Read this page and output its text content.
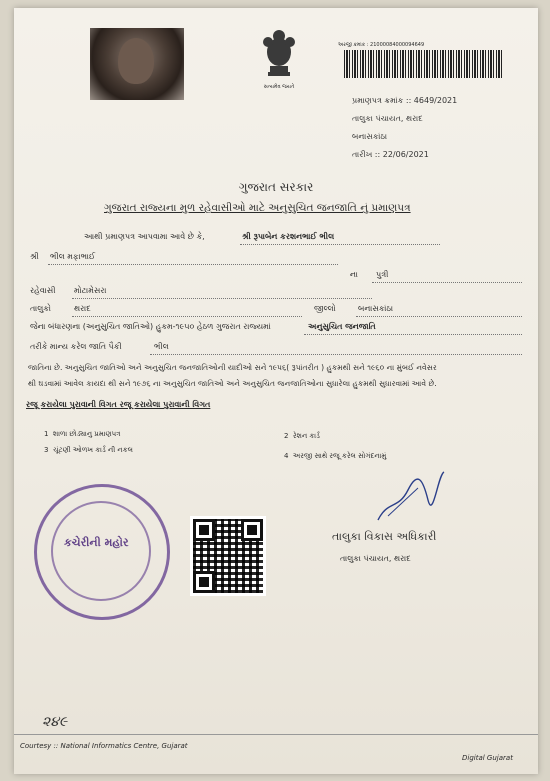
સત્યમેવ જયતે
અરજી ક્રમાંક : 21000084000094649
પ્રમાણપત્ર ક્રમાંક :: 4649/2021
તાલુકા પંચાયત, થરાદ
બનાસકાંઠા
તારીખ :: 22/06/2021
ગુજરાત સરકાર
ગુજરાત રાજ્યના મુળ રહેવાસીઓ માટે અનુસુચિત જનજાતિ નું પ્રમાણપત્ર
આથી પ્રમાણપત્ર આપવામા આવે છે કે,	શ્રી રૂપાબેન કરશનભાઈ ભીલ
શ્રી ભીલ મફાભાઈ
ના પુત્રી
રહેવાસી મોટામેસરા
તાલુકો	થરાદ	જીલ્લો	બનાસકાંઠા
જેના બંધારણના (અનુસુચિત જાતિઓ) હુકમ-૧૯૫૦ હેઠળ ગુજરાત રાજ્યમાં	અનુસુચિત જનજાતિ
તરીકે માન્ય કરેલ જાતિ પૈકી	ભીલ
જાતિના છે. અનુસુચિત જાતિઓ અને અનુસુચિત જનજાતિઓની યાદીઓ સને ૧૯૫૬( રૂપાંતરીત ) હુકમથી સને ૧૯૬૦ ના મુંબઈ નવેસર
થી ઘડવામાં આવેલ કાયદા થી સને ૧૯૭૬ ના અનુસુચિત જાતિઓ અને અનુસુચિત જનજાતિઓના સુધારેલા હુકમથી સુધારવામાં આવે છે.
રજૂ કરાયેલા પુરાવાની વિગત રજૂ કરાયેલા પુરાવાની વિગત
1 શાળા છોડ્યાનુ પ્રમાણપત્ર	2 રેશન કાર્ડ
3 ચૂંટણી ઓળખ કાર્ડ ની નકલ
4 અરજી સાથે રજૂ કરેલ સોગંદનામું
કચેરીની મહોર	તાલુકા વિકાસ અધિકારી
તાલુકા પંચાયત, થરાદ
૨૪૯
Courtesy :: National Informatics Centre, Gujarat
Digital Gujarat
